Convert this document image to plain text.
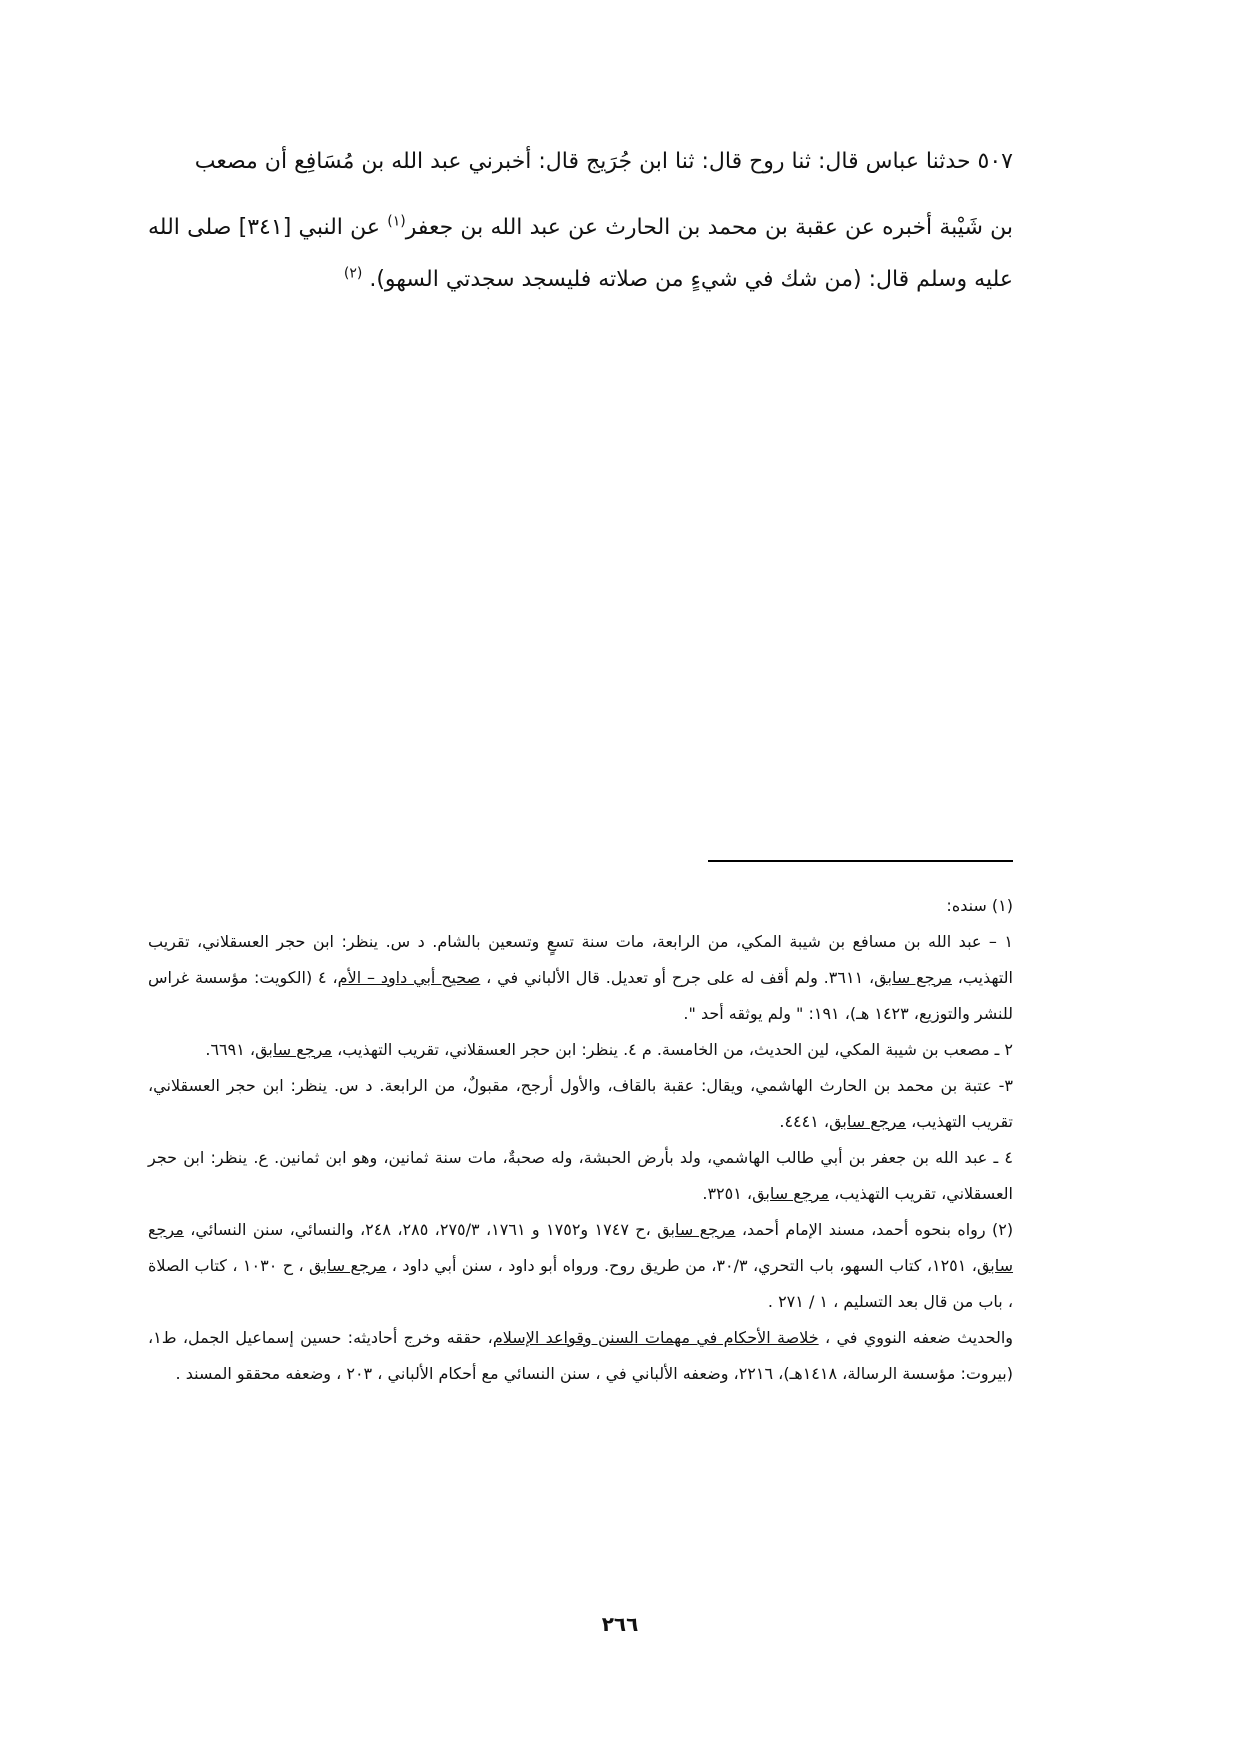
٥٠٧ حدثنا عباس قال: ثنا روح قال: ثنا ابن جُرَيج قال: أخبرني عبد الله بن مُسَافِع أن مصعب

بن شَيْبة أخبره عن عقبة بن محمد بن الحارث عن عبد الله بن جعفر$^{(١)}$ عن النبي [٣٤١] صلى الله عليه وسلم قال: (من شك في شيءٍ من صلاته فليسجد سجدتي السهو). $^{(٢)}$

(١) سنده:

١ – عبد الله بن مسافع بن شيبة المكي، من الرابعة، مات سنة تسعٍ وتسعين بالشام. د س. ينظر: ابن حجر العسقلاني، تقريب التهذيب، مرجع سابق، ٣٦١١. ولم أقف له على جرح أو تعديل. قال الألباني في ، صحيح أبي داود – الأم، ٤ (الكويت: مؤسسة غراس للنشر والتوزيع، ١٤٢٣ هـ)، ١٩١: " ولم يوثقه أحد ".

٢ ـ مصعب بن شيبة المكي، لين الحديث، من الخامسة. م ٤. ينظر: ابن حجر العسقلاني، تقريب التهذيب، مرجع سابق، ٦٦٩١.

٣- عتبة بن محمد بن الحارث الهاشمي، ويقال: عقبة بالقاف، والأول أرجح، مقبولٌ، من الرابعة. د س. ينظر: ابن حجر العسقلاني، تقريب التهذيب، مرجع سابق، ٤٤٤١.

٤ ـ عبد الله بن جعفر بن أبي طالب الهاشمي، ولد بأرض الحبشة، وله صحبةٌ، مات سنة ثمانين، وهو ابن ثمانين. ع. ينظر: ابن حجر العسقلاني، تقريب التهذيب، مرجع سابق، ٣٢٥١.

(٢) رواه بنحوه أحمد، مسند الإمام أحمد، مرجع سابق ،ح ١٧٤٧ و١٧٥٢ و ١٧٦١، ٢٧٥/٣، ٢٨٥، ٢٤٨، والنسائي، سنن النسائي، مرجع سابق، ١٢٥١، كتاب السهو، باب التحري، ٣٠/٣، من طريق روح. ورواه أبو داود ، سنن أبي داود ، مرجع سابق ، ح ١٠٣٠ ، كتاب الصلاة ، باب من قال بعد التسليم ، ١ / ٢٧١ .

والحديث ضعفه النووي في ، خلاصة الأحكام في مهمات السنن وقواعد الإسلام، حققه وخرج أحاديثه: حسين إسماعيل الجمل، ط١، (بيروت: مؤسسة الرسالة، ١٤١٨هـ)، ٢٢١٦، وضعفه الألباني في ، سنن النسائي مع أحكام الألباني ، ٢٠٣ ، وضعفه محققو المسند .

٢٦٦
